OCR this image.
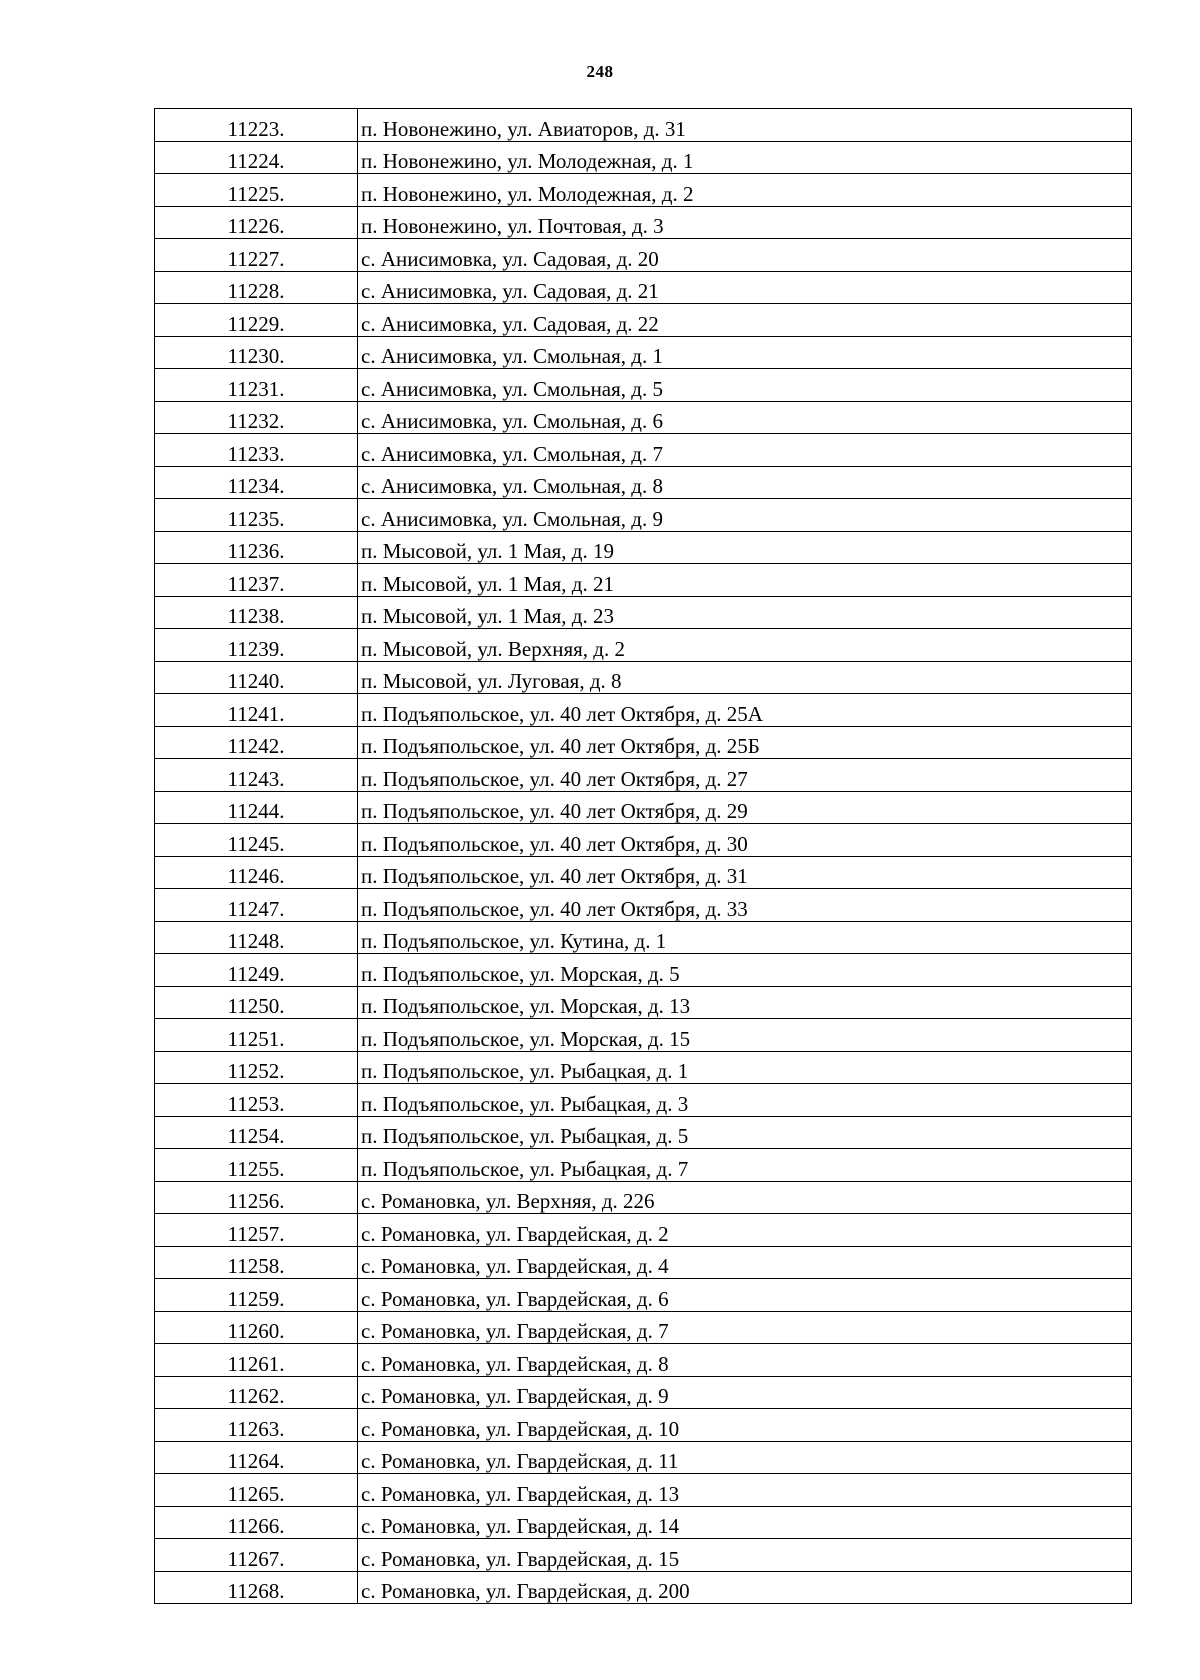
248
11223.	п. Новонежино, ул. Авиаторов, д. 31
11224.	п. Новонежино, ул. Молодежная, д. 1
11225.	п. Новонежино, ул. Молодежная, д. 2
11226.	п. Новонежино, ул. Почтовая, д. 3
11227.	с. Анисимовка, ул. Садовая, д. 20
11228.	с. Анисимовка, ул. Садовая, д. 21
11229.	с. Анисимовка, ул. Садовая, д. 22
11230.	с. Анисимовка, ул. Смольная, д. 1
11231.	с. Анисимовка, ул. Смольная, д. 5
11232.	с. Анисимовка, ул. Смольная, д. 6
11233.	с. Анисимовка, ул. Смольная, д. 7
11234.	с. Анисимовка, ул. Смольная, д. 8
11235.	с. Анисимовка, ул. Смольная, д. 9
11236.	п. Мысовой, ул. 1 Мая, д. 19
11237.	п. Мысовой, ул. 1 Мая, д. 21
11238.	п. Мысовой, ул. 1 Мая, д. 23
11239.	п. Мысовой, ул. Верхняя, д. 2
11240.	п. Мысовой, ул. Луговая, д. 8
11241.	п. Подъяпольское, ул. 40 лет Октября, д. 25А
11242.	п. Подъяпольское, ул. 40 лет Октября, д. 25Б
11243.	п. Подъяпольское, ул. 40 лет Октября, д. 27
11244.	п. Подъяпольское, ул. 40 лет Октября, д. 29
11245.	п. Подъяпольское, ул. 40 лет Октября, д. 30
11246.	п. Подъяпольское, ул. 40 лет Октября, д. 31
11247.	п. Подъяпольское, ул. 40 лет Октября, д. 33
11248.	п. Подъяпольское, ул. Кутина, д. 1
11249.	п. Подъяпольское, ул. Морская, д. 5
11250.	п. Подъяпольское, ул. Морская, д. 13
11251.	п. Подъяпольское, ул. Морская, д. 15
11252.	п. Подъяпольское, ул. Рыбацкая, д. 1
11253.	п. Подъяпольское, ул. Рыбацкая, д. 3
11254.	п. Подъяпольское, ул. Рыбацкая, д. 5
11255.	п. Подъяпольское, ул. Рыбацкая, д. 7
11256.	с. Романовка, ул. Верхняя, д. 226
11257.	с. Романовка, ул. Гвардейская, д. 2
11258.	с. Романовка, ул. Гвардейская, д. 4
11259.	с. Романовка, ул. Гвардейская, д. 6
11260.	с. Романовка, ул. Гвардейская, д. 7
11261.	с. Романовка, ул. Гвардейская, д. 8
11262.	с. Романовка, ул. Гвардейская, д. 9
11263.	с. Романовка, ул. Гвардейская, д. 10
11264.	с. Романовка, ул. Гвардейская, д. 11
11265.	с. Романовка, ул. Гвардейская, д. 13
11266.	с. Романовка, ул. Гвардейская, д. 14
11267.	с. Романовка, ул. Гвардейская, д. 15
11268.	с. Романовка, ул. Гвардейская, д. 200
